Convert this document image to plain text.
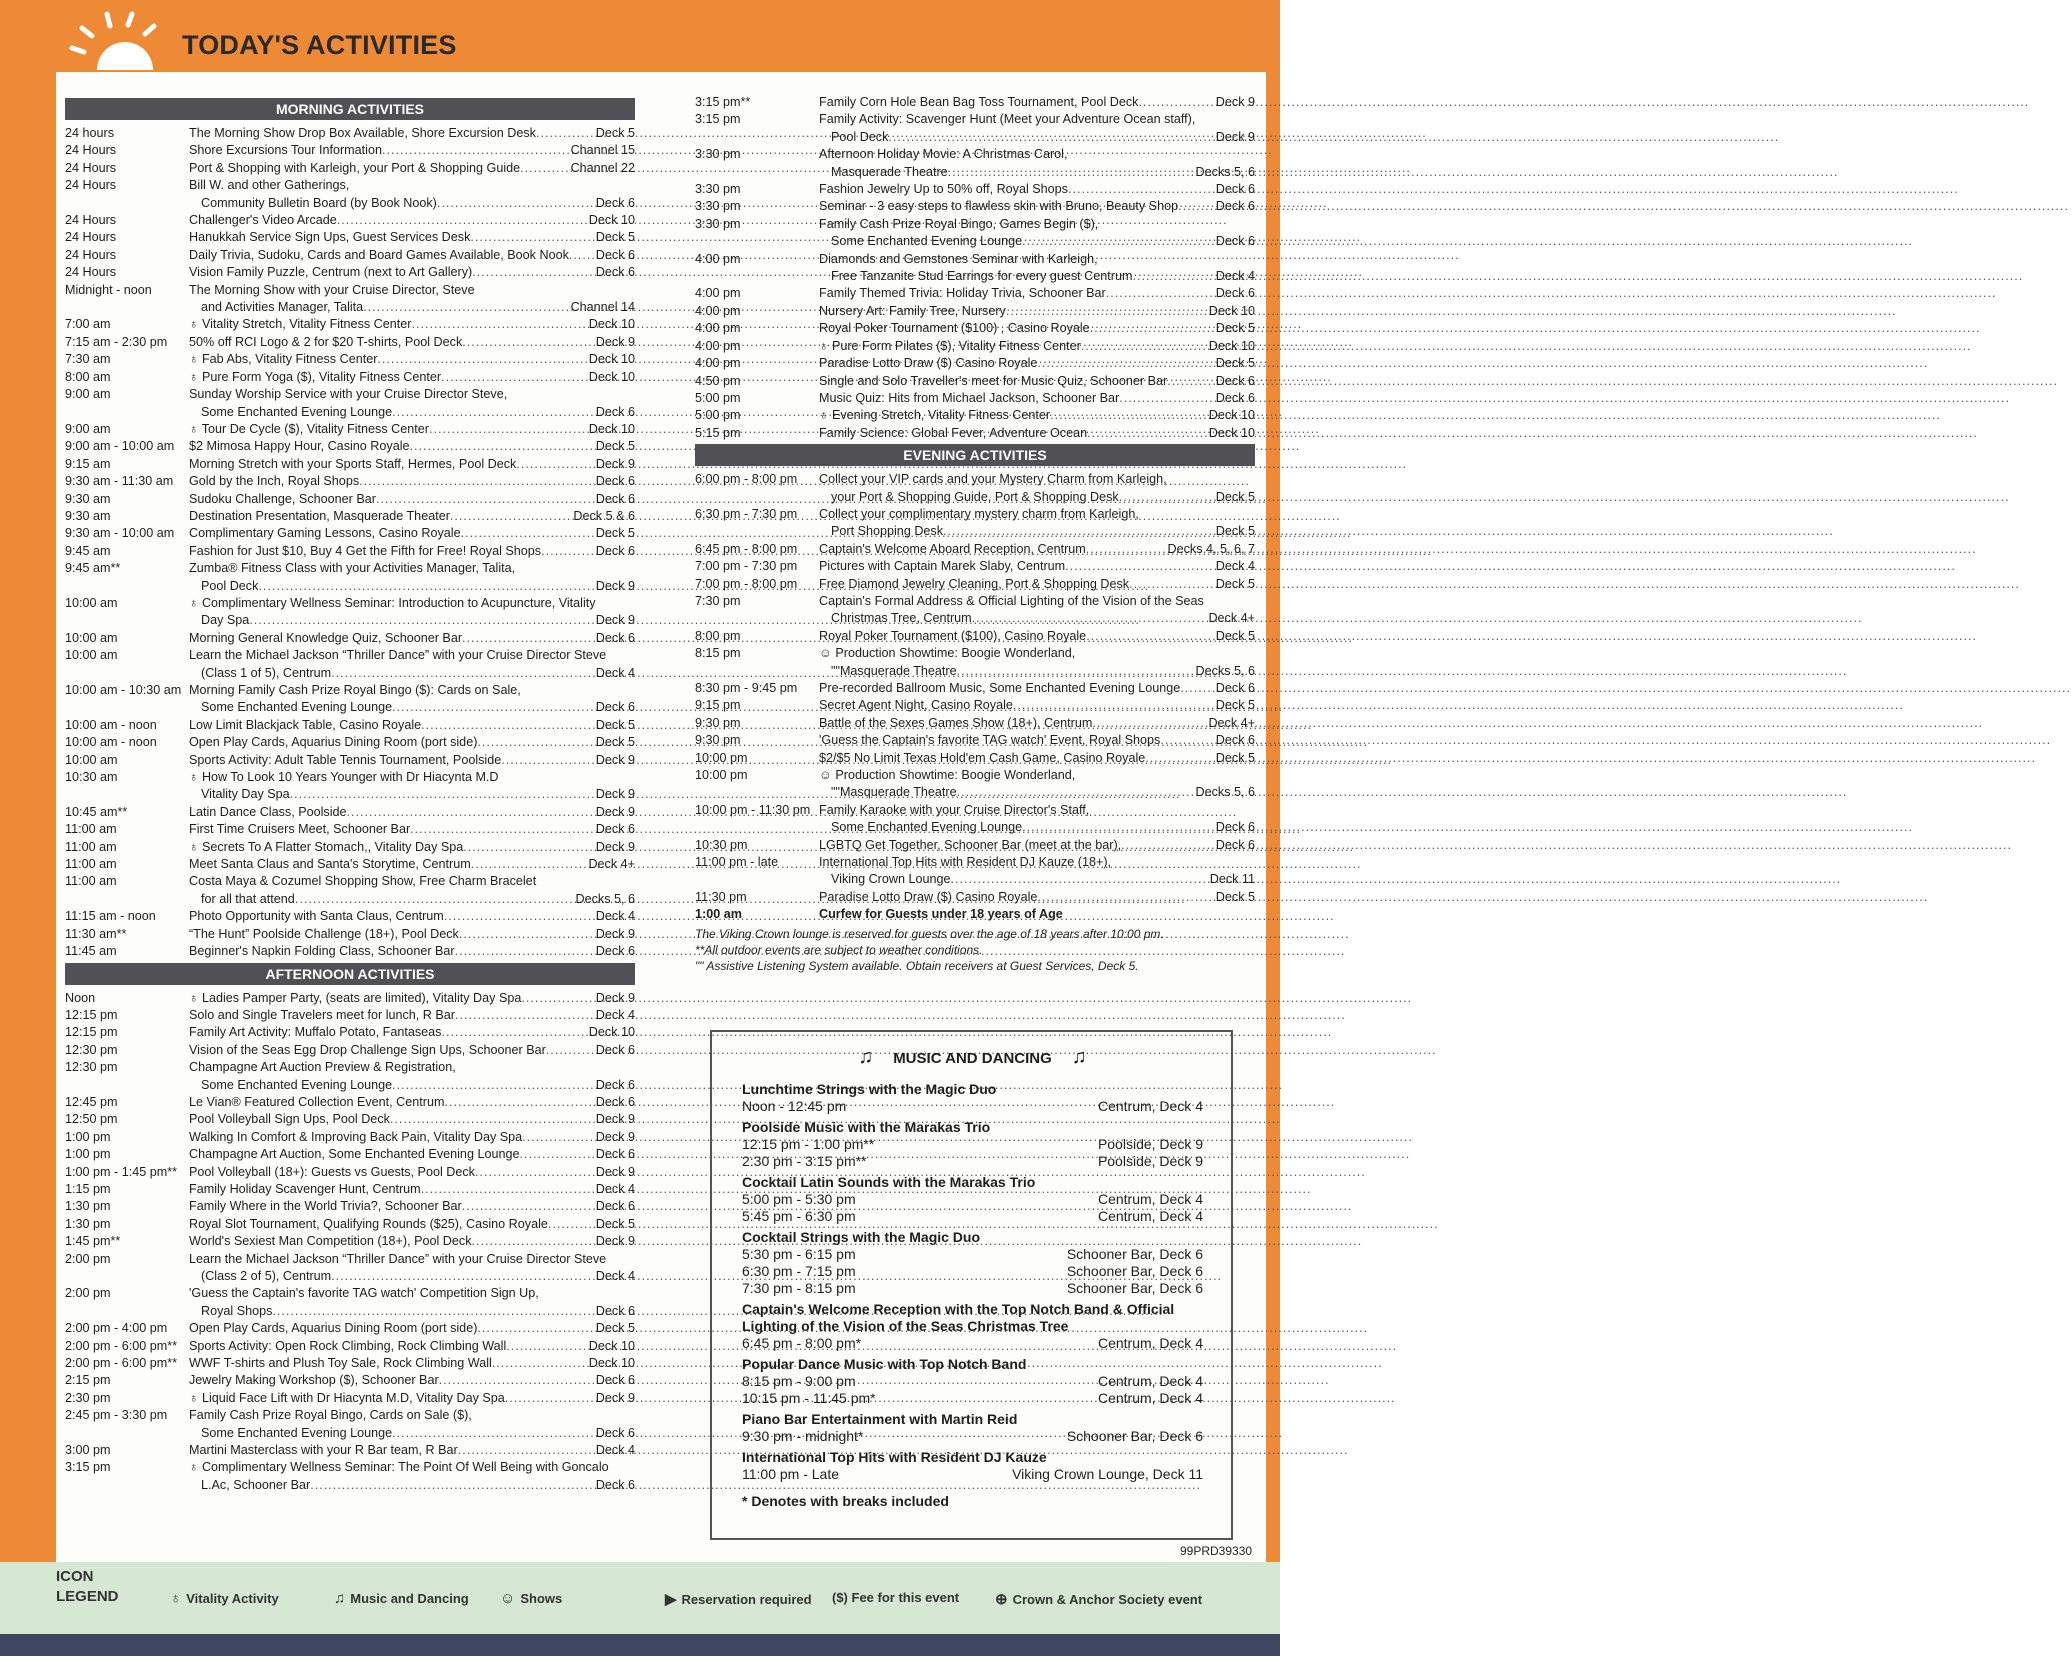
TODAY'S ACTIVITIES
MORNING ACTIVITIES
24 hours	The Morning Show Drop Box Available, Shore Excursion Desk .....	Deck 5
24 Hours	Shore Excursions Tour Information .....	Channel 15
24 Hours	Port & Shopping with Karleigh, your Port & Shopping Guide .....	Channel 22
24 Hours	Bill W. and other Gatherings,
Community Bulletin Board (by Book Nook) .....	Deck 6
24 Hours	Challenger's Video Arcade .....	Deck 10
24 Hours	Hanukkah Service Sign Ups, Guest Services Desk .....	Deck 5
24 Hours	Daily Trivia, Sudoku, Cards and Board Games Available, Book Nook ..... Deck 6
24 Hours	Vision Family Puzzle, Centrum (next to Art Gallery) .....	Deck 6
Midnight - noon	The Morning Show with your Cruise Director, Steve
and Activities Manager, Talita .....	Channel 14
7:00 am	♁ Vitality Stretch, Vitality Fitness Center .....	Deck 10
7:15 am - 2:30 pm	50% off RCI Logo & 2 for $20 T-shirts, Pool Deck .....	Deck 9
7:30 am	♁ Fab Abs, Vitality Fitness Center .....	Deck 10
8:00 am	♁ Pure Form Yoga ($), Vitality Fitness Center .....	Deck 10
9:00 am	Sunday Worship Service with your Cruise Director Steve,
Some Enchanted Evening Lounge .....	Deck 6
9:00 am	♁ Tour De Cycle ($), Vitality Fitness Center .....	Deck 10
9:00 am - 10:00 am	$2 Mimosa Happy Hour, Casino Royale .....	Deck 5
9:15 am	Morning Stretch with your Sports Staff, Hermes, Pool Deck .....	Deck 9
9:30 am - 11:30 am	Gold by the Inch, Royal Shops .....	Deck 6
9:30 am	Sudoku Challenge, Schooner Bar .....	Deck 6
9:30 am	Destination Presentation, Masquerade Theater .....	Deck 5 & 6
9:30 am - 10:00 am	Complimentary Gaming Lessons, Casino Royale .....	Deck 5
9:45 am	Fashion for Just $10, Buy 4 Get the Fifth for Free! Royal Shops .....	Deck 6
9:45 am**	Zumba® Fitness Class with your Activities Manager, Talita,
Pool Deck .....	Deck 9
10:00 am	♁ Complimentary Wellness Seminar: Introduction to Acupuncture, Vitality
Day Spa .....	Deck 9
10:00 am	Morning General Knowledge Quiz, Schooner Bar .....	Deck 6
10:00 am	Learn the Michael Jackson “Thriller Dance” with your Cruise Director Steve
(Class 1 of 5), Centrum .....	Deck 4
10:00 am - 10:30 am Morning Family Cash Prize Royal Bingo ($): Cards on Sale,
Some Enchanted Evening Lounge .....	Deck 6
10:00 am - noon	Low Limit Blackjack Table, Casino Royale .....	Deck 5
10:00 am - noon	Open Play Cards, Aquarius Dining Room (port side) .....	Deck 5
10:00 am	Sports Activity: Adult Table Tennis Tournament, Poolside .....	Deck 9
10:30 am	♁ How To Look 10 Years Younger with Dr Hiacynta M.D
Vitality Day Spa .....	Deck 9
10:45 am**	Latin Dance Class, Poolside .....	Deck 9
11:00 am	First Time Cruisers Meet, Schooner Bar .....	Deck 6
11:00 am	♁ Secrets To A Flatter Stomach,, Vitality Day Spa .....	Deck 9
11:00 am	Meet Santa Claus and Santa's Storytime, Centrum .....	Deck 4+
11:00 am	Costa Maya & Cozumel Shopping Show, Free Charm Bracelet
for all that attend .....	Decks 5, 6
11:15 am - noon	Photo Opportunity with Santa Claus, Centrum .....	Deck 4
11:30 am**	“The Hunt” Poolside Challenge (18+), Pool Deck .....	Deck 9
11:45 am	Beginner's Napkin Folding Class, Schooner Bar .....	Deck 6
AFTERNOON ACTIVITIES
Noon	♁ Ladies Pamper Party, (seats are limited), Vitality Day Spa .....	Deck 9
12:15 pm	Solo and Single Travelers meet for lunch, R Bar .....	Deck 4
12:15 pm	Family Art Activity: Muffalo Potato, Fantaseas .....	Deck 10
12:30 pm	Vision of the Seas Egg Drop Challenge Sign Ups, Schooner Bar .....	Deck 6
12:30 pm	Champagne Art Auction Preview & Registration,
Some Enchanted Evening Lounge .....	Deck 6
12:45 pm	Le Vian® Featured Collection Event, Centrum .....	Deck 6
12:50 pm	Pool Volleyball Sign Ups, Pool Deck .....	Deck 9
1:00 pm	Walking In Comfort & Improving Back Pain, Vitality Day Spa .....	Deck 9
1:00 pm	Champagne Art Auction, Some Enchanted Evening Lounge .....	Deck 6
1:00 pm - 1:45 pm** Pool Volleyball (18+): Guests vs Guests, Pool Deck .....	Deck 9
1:15 pm	Family Holiday Scavenger Hunt, Centrum .....	Deck 4
1:30 pm	Family Where in the World Trivia?, Schooner Bar .....	Deck 6
1:30 pm	Royal Slot Tournament, Qualifying Rounds ($25), Casino Royale .....	Deck 5
1:45 pm**	World's Sexiest Man Competition (18+), Pool Deck .....	Deck 9
2:00 pm	Learn the Michael Jackson “Thriller Dance” with your Cruise Director Steve
(Class 2 of 5), Centrum .....	Deck 4
2:00 pm	'Guess the Captain's favorite TAG watch' Competition Sign Up,
Royal Shops .....	Deck 6
2:00 pm - 4:00 pm	Open Play Cards, Aquarius Dining Room (port side) .....	Deck 5
2:00 pm - 6:00 pm** Sports Activity: Open Rock Climbing, Rock Climbing Wall .....	Deck 10
2:00 pm - 6:00 pm** WWF T-shirts and Plush Toy Sale, Rock Climbing Wall .....	Deck 10
2:15 pm	Jewelry Making Workshop ($), Schooner Bar .....	Deck 6
2:30 pm	♁ Liquid Face Lift with Dr Hiacynta M.D, Vitality Day Spa .....	Deck 9
2:45 pm - 3:30 pm	Family Cash Prize Royal Bingo, Cards on Sale ($),
Some Enchanted Evening Lounge .....	Deck 6
3:00 pm	Martini Masterclass with your R Bar team, R Bar .....	Deck 4
3:15 pm	♁ Complimentary Wellness Seminar: The Point Of Well Being with Goncalo
L.Ac, Schooner Bar .....	Deck 6
3:15 pm**	Family Corn Hole Bean Bag Toss Tournament, Pool Deck .....	Deck 9
3:15 pm	Family Activity: Scavenger Hunt (Meet your Adventure Ocean staff),
Pool Deck .....	Deck 9
3:30 pm	Afternoon Holiday Movie: A Christmas Carol,
Masquerade Theatre .....	Decks 5, 6
3:30 pm	Fashion Jewelry Up to 50% off, Royal Shops .....	Deck 6
3:30 pm	Seminar - 3 easy steps to flawless skin with Bruno, Beauty Shop .....	Deck 6
3:30 pm	Family Cash Prize Royal Bingo, Games Begin ($),
Some Enchanted Evening Lounge .....	Deck 6
4:00 pm	Diamonds and Gemstones Seminar with Karleigh,
Free Tanzanite Stud Earrings for every guest Centrum .....	Deck 4
4:00 pm	Family Themed Trivia: Holiday Trivia, Schooner Bar .....	Deck 6
4:00 pm	Nursery Art: Family Tree, Nursery .....	Deck 10
4:00 pm	Royal Poker Tournament ($100) , Casino Royale .....	Deck 5
4:00 pm	♁ Pure Form Pilates ($), Vitality Fitness Center .....	Deck 10
4:00 pm	Paradise Lotto Draw ($) Casino Royale .....	Deck 5
4:50 pm	Single and Solo Traveller's meet for Music Quiz, Schooner Bar .....	Deck 6
5:00 pm	Music Quiz: Hits from Michael Jackson, Schooner Bar .....	Deck 6
5:00 pm	♁ Evening Stretch, Vitality Fitness Center .....	Deck 10
5:15 pm	Family Science: Global Fever, Adventure Ocean .....	Deck 10
EVENING ACTIVITIES
6:00 pm - 8:00 pm	Collect your VIP cards and your Mystery Charm from Karleigh,
your Port & Shopping Guide, Port & Shopping Desk .....	Deck 5
6:30 pm - 7:30 pm	Collect your complimentary mystery charm from Karleigh,
Port Shopping Desk .....	Deck 5
6:45 pm - 8:00 pm	Captain's Welcome Aboard Reception, Centrum .....	Decks 4, 5, 6, 7
7:00 pm - 7:30 pm	Pictures with Captain Marek Slaby, Centrum .....	Deck 4
7:00 pm - 8:00 pm	Free Diamond Jewelry Cleaning, Port & Shopping Desk .....	Deck 5
7:30 pm	Captain's Formal Address & Official Lighting of the Vision of the Seas
Christmas Tree, Centrum .....	Deck 4+
8:00 pm	Royal Poker Tournament ($100), Casino Royale .....	Deck 5
8:15 pm	☺ Production Showtime: Boogie Wonderland,
""Masquerade Theatre .....	Decks 5, 6
8:30 pm - 9:45 pm	Pre-recorded Ballroom Music, Some Enchanted Evening Lounge .....	Deck 6
9:15 pm	Secret Agent Night, Casino Royale .....	Deck 5
9:30 pm	Battle of the Sexes Games Show (18+), Centrum .....	Deck 4+
9:30 pm	'Guess the Captain's favorite TAG watch' Event, Royal Shops .....	Deck 6
10:00 pm	$2/$5 No Limit Texas Hold'em Cash Game, Casino Royale .....	Deck 5
10:00 pm	☺ Production Showtime: Boogie Wonderland,
""Masquerade Theatre .....	Decks 5, 6
10:00 pm - 11:30 pm Family Karaoke with your Cruise Director's Staff,
Some Enchanted Evening Lounge .....	Deck 6
10:30 pm	LGBTQ Get Together, Schooner Bar (meet at the bar), .....	Deck 6
11:00 pm - late	International Top Hits with Resident DJ Kauze (18+),
Viking Crown Lounge .....	Deck 11
11:30 pm	Paradise Lotto Draw ($) Casino Royale .....	Deck 5
1:00 am	Curfew for Guests under 18 years of Age
The Viking Crown lounge is reserved for guests over the age of 18 years after 10:00 pm.
**All outdoor events are subject to weather conditions.
"" Assistive Listening System available. Obtain receivers at Guest Services, Deck 5.
♫ MUSIC AND DANCING ♫
Lunchtime Strings with the Magic Duo
Noon - 12:45 pm	Centrum, Deck 4
Poolside Music with the Marakas Trio
12:15 pm - 1:00 pm**	Poolside, Deck 9
2:30 pm - 3:15 pm**	Poolside, Deck 9
Cocktail Latin Sounds with the Marakas Trio
5:00 pm - 5:30 pm	Centrum, Deck 4
5:45 pm - 6:30 pm	Centrum, Deck 4
Cocktail Strings with the Magic Duo
5:30 pm - 6:15 pm	Schooner Bar, Deck 6
6:30 pm - 7:15 pm	Schooner Bar, Deck 6
7:30 pm - 8:15 pm	Schooner Bar, Deck 6
Captain's Welcome Reception with the Top Notch Band & Official Lighting of the Vision of the Seas Christmas Tree
6:45 pm - 8:00 pm*	Centrum, Deck 4
Popular Dance Music with Top Notch Band
8:15 pm - 9:00 pm	Centrum, Deck 4
10:15 pm - 11:45 pm*	Centrum, Deck 4
Piano Bar Entertainment with Martin Reid
9:30 pm - midnight*	Schooner Bar, Deck 6
International Top Hits with Resident DJ Kauze
11:00 pm - Late	Viking Crown Lounge, Deck 11
* Denotes with breaks included
99PRD39330
ICON
LEGEND	♁ Vitality Activity	♫ Music and Dancing ☺ Shows	▶ Reservation required ($) Fee for this event ⊕ Crown & Anchor Society event
